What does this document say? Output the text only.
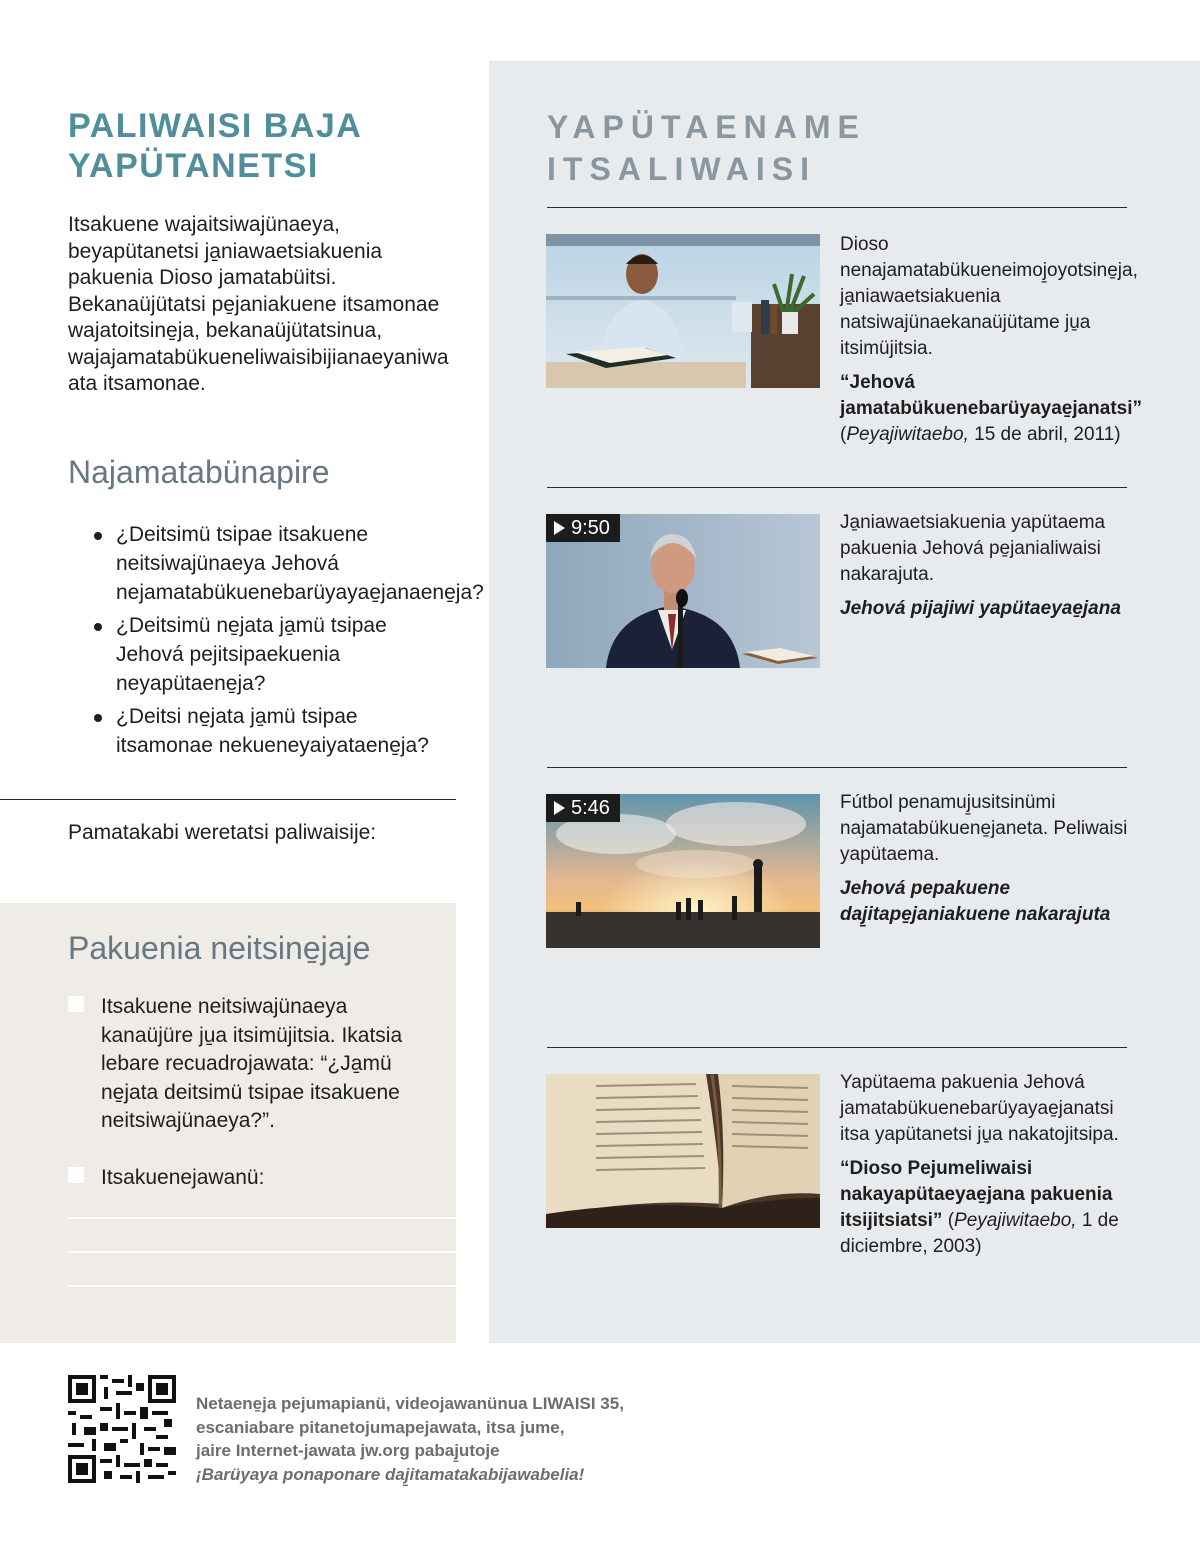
PALIWAISI BAJA
YAPÜTANETSI

Itsakuene wajaitsiwajünaeya, beyapütanetsi ja̱niawaetsiakuenia pakuenia Dioso jamatabüitsi. Bekanaüjütatsi pe̱janiakuene itsamonae wajatoitsine̱ja, bekanaüjütatsinua, wajajamatabükueneliwaisibijianaeyaniwa ata itsamonae.

Najamatabünapire
¿Deitsimü tsipae itsakuene neitsiwajünaeya Jehová nejamatabükuenebarüyayae̱janaene̱ja?
¿Deitsimü ne̱jata ja̱mü tsipae Jehová pejitsipaekuenia neyapütaene̱ja?
¿Deitsi ne̱jata ja̱mü tsipae itsamonae nekueneyaiyataene̱ja?
Pamatakabi weretatsi paliwaisije:
Pakuenia neitsine̱jaje
Itsakuene neitsiwajünaeya kanaüjüre ju̱a itsimüjitsia. Ikatsia lebare recuadrojawata: “¿Ja̱mü ne̱jata deitsimü tsipae itsakuene neitsiwajünaeya?”.
Itsakuenejawanü:
YAPÜTAENAME
ITSALIWAISI

Dioso nenajamatabükueneimoj̱oyotsine̱ja, ja̱niawaetsiakuenia natsiwajünaekanaüjütame ju̱a itsimüjitsia.

“Jehová jamatabükuenebarüyayae̱janatsi” (Peyajiwitaebo, 15 de abril, 2011)

9:50	Ja̱niawaetsiakuenia yapütaema pakuenia Jehová pe̱janialiwaisi nakarajuta.

Jehová pijajiwi yapütaeyae̱jana

5:46	Fútbol penamuj̱usitsinümi najamatabükuene̱janeta. Peliwaisi yapütaema.

Jehová pepakuene daj̱itape̱janiakuene nakarajuta

Yapütaema pakuenia Jehová jamatabükuenebarüyayae̱janatsi itsa yapütanetsi ju̱a nakatojitsipa.

“Dioso Pejumeliwaisi nakayapütaeyae̱jana pakuenia itsijitsiatsi” (Peyajiwitaebo, 1 de diciembre, 2003)

Netaene̱ja pejumapianü, videojawanünua LIWAISI 35,
escaniabare pitanetojumapejawata, itsa jume,
jaire Internet-jawata jw.org pabaj̱utoje
¡Barüyaya ponaponare daj̱itamatakabijawabelia!
